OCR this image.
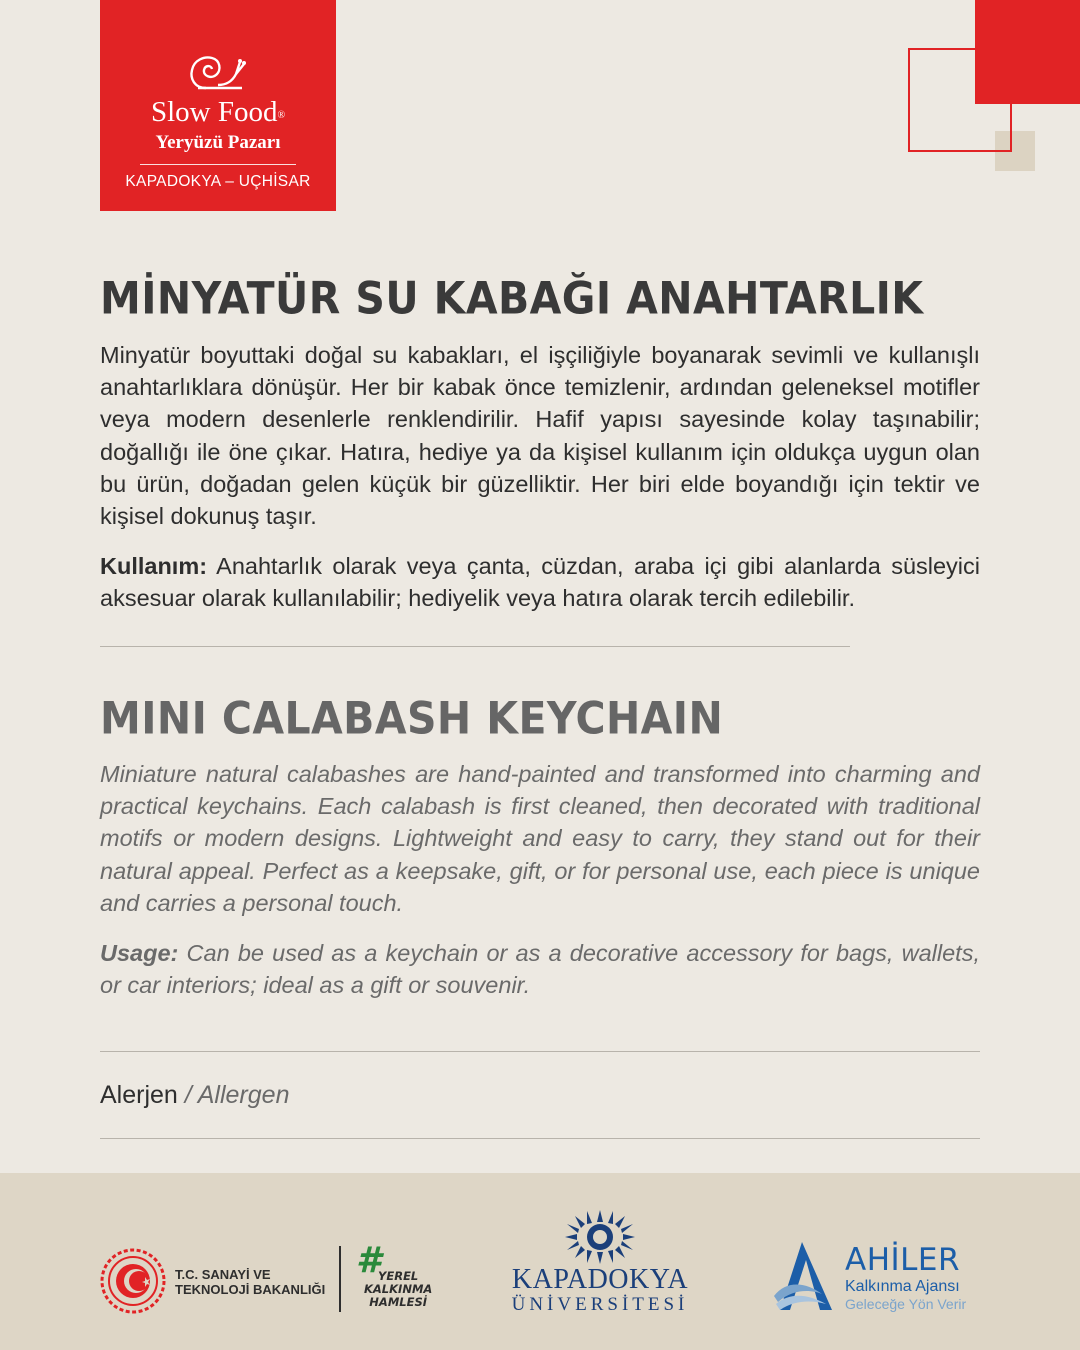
Slow Food®
Yeryüzü Pazarı
KAPADOKYA – UÇHİSAR
MİNYATÜR SU KABAĞI ANAHTARLIK

Minyatür boyuttaki doğal su kabakları, el işçiliğiyle boyanarak sevimli ve kullanışlı anahtarlıklara dönüşür. Her bir kabak önce temizlenir, ardından geleneksel motifler veya modern desenlerle renklendirilir. Hafif yapısı sayesinde kolay taşınabilir; doğallığı ile öne çıkar. Hatıra, hediye ya da kişisel kullanım için oldukça uygun olan bu ürün, doğadan gelen küçük bir güzelliktir. Her biri elde boyandığı için tektir ve kişisel dokunuş taşır.

Kullanım: Anahtarlık olarak veya çanta, cüzdan, araba içi gibi alanlarda süsleyici aksesuar olarak kullanılabilir; hediyelik veya hatıra olarak tercih edilebilir.

MINI CALABASH KEYCHAIN

Miniature natural calabashes are hand-painted and transformed into charming and practical keychains. Each calabash is first cleaned, then decorated with traditional motifs or modern designs. Lightweight and easy to carry, they stand out for their natural appeal. Perfect as a keepsake, gift, or for personal use, each piece is unique and carries a personal touch.

Usage: Can be used as a keychain or as a decorative accessory for bags, wallets, or car interiors; ideal as a gift or souvenir.

Alerjen / Allergen
T.C. SANAYİ VE
TEKNOLOJİ BAKANLIĞI
#
YEREL
KALKINMA
HAMLESİ
KAPADOKYA
ÜNİVERSİTESİ
AHİLER
Kalkınma Ajansı
Geleceğe Yön Verir
